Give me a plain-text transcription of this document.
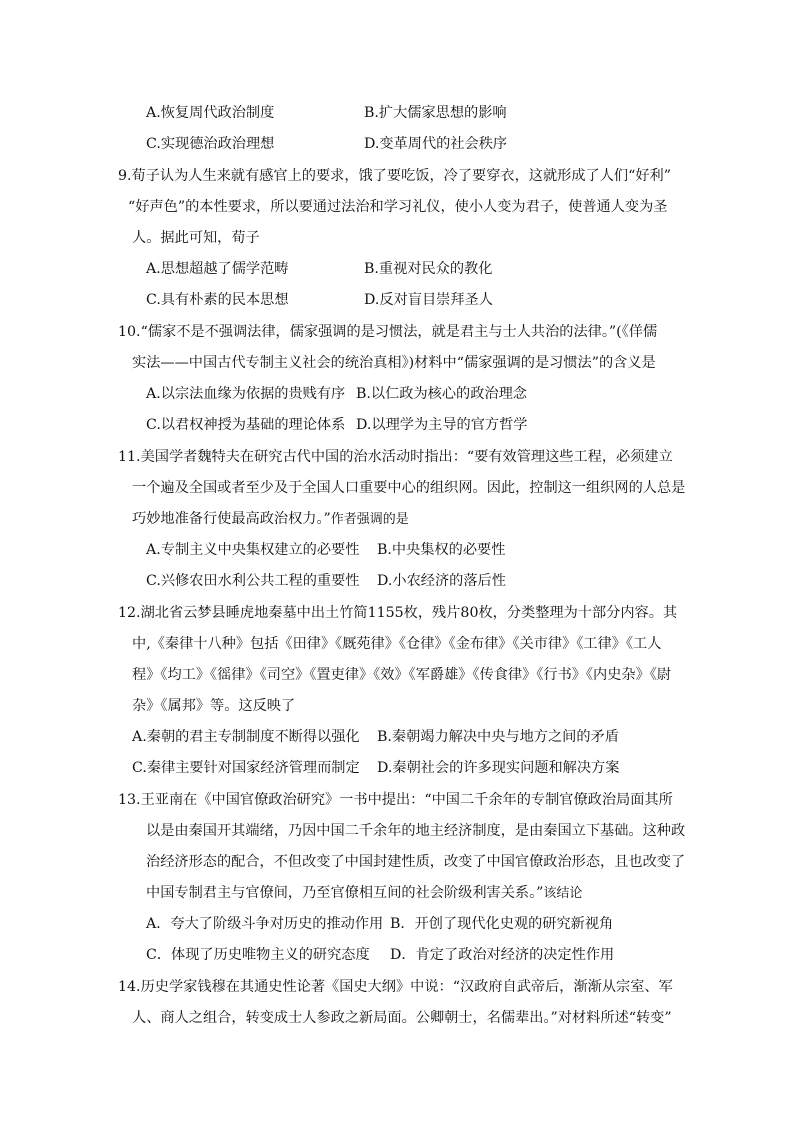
A.恢复周代政治制度	B.扩大儒家思想的影响
C.实现德治政治理想	D.变革周代的社会秩序
9.荀子认为人生来就有感官上的要求，饿了要吃饭，冷了要穿衣，这就形成了人们“好利”
“好声色”的本性要求，所以要通过法治和学习礼仪，使小人变为君子，使普通人变为圣
人。据此可知，荀子
A.思想超越了儒学范畴	B.重视对民众的教化
C.具有朴素的民本思想	D.反对盲目崇拜圣人
10.“儒家不是不强调法律，儒家强调的是习惯法，就是君主与士人共治的法律。”(《佯儒
实法——中国古代专制主义社会的统治真相》)材料中“儒家强调的是习惯法”的含义是
A.以宗法血缘为依据的贵贱有序 B.以仁政为核心的政治理念
C.以君权神授为基础的理论体系 D.以理学为主导的官方哲学
11.美国学者魏特夫在研究古代中国的治水活动时指出：“要有效管理这些工程，必须建立
一个遍及全国或者至少及于全国人口重要中心的组织网。因此，控制这一组织网的人总是
巧妙地准备行使最高政治权力。”作者强调的是
A.专制主义中央集权建立的必要性 B.中央集权的必要性
C.兴修农田水利公共工程的重要性 D.小农经济的落后性
12.湖北省云梦县睡虎地秦墓中出土竹简1155枚，残片80枚，分类整理为十部分内容。其
中,《秦律十八种》包括《田律》《厩苑律》《仓律》《金布律》《关市律》《工律》《工人
程》《均工》《徭律》《司空》《置吏律》《效》《军爵雄》《传食律》《行书》《内史杂》《尉
杂》《属邦》等。这反映了
A.秦朝的君主专制制度不断得以强化 B.秦朝竭力解决中央与地方之间的矛盾
C.秦律主要针对国家经济管理而制定 D.秦朝社会的许多现实问题和解决方案
13.王亚南在《中国官僚政治研究》一书中提出：“中国二千余年的专制官僚政治局面其所
以是由秦国开其端绪，乃因中国二千余年的地主经济制度，是由秦国立下基础。这种政
治经济形态的配合，不但改变了中国封建性质，改变了中国官僚政治形态，且也改变了
中国专制君主与官僚间，乃至官僚相互间的社会阶级利害关系。”该结论
A．夸大了阶级斗争对历史的推动作用 B．开创了现代化史观的研究新视角
C．体现了历史唯物主义的研究态度 D．肯定了政治对经济的决定性作用
14.历史学家钱穆在其通史性论著《国史大纲》中说：“汉政府自武帝后，渐渐从宗室、军
人、商人之组合，转变成士人参政之新局面。公卿朝士，名儒辈出。”对材料所述“转变”
